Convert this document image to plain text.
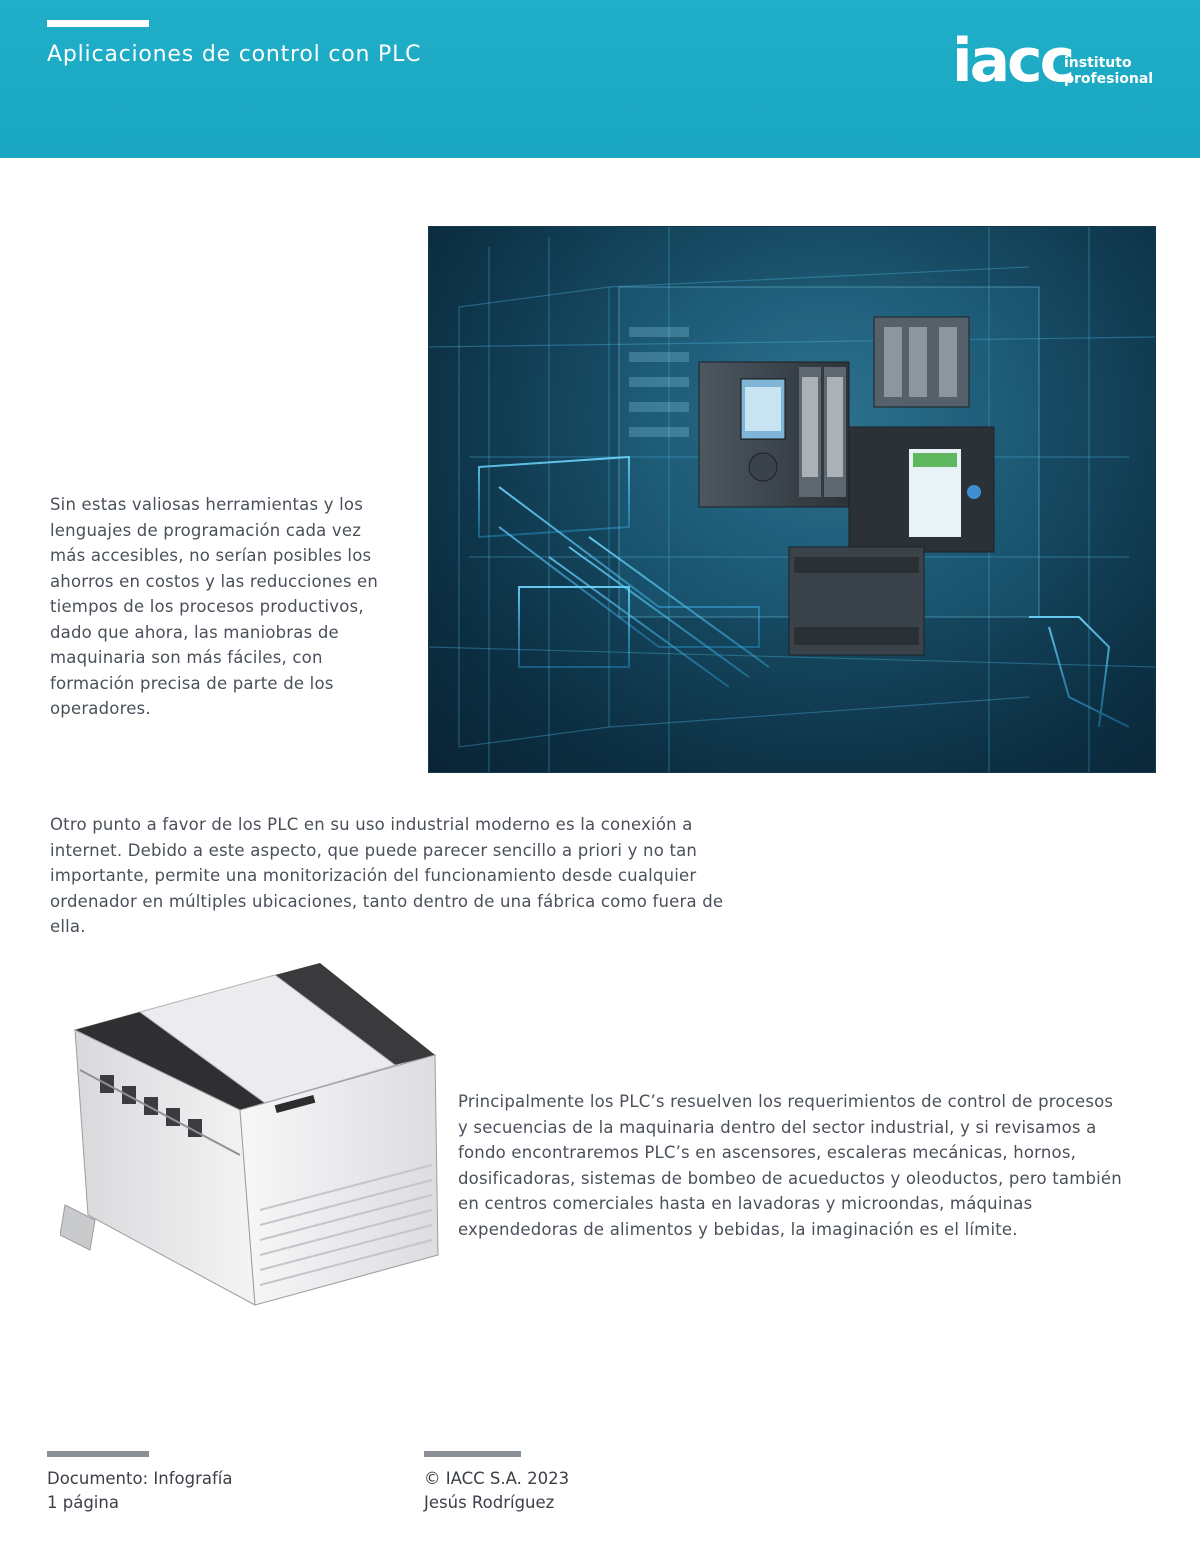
Aplicaciones de control con PLC	iacc
instituto
profesional
Sin estas valiosas herramientas y los lenguajes de programación cada vez más accesibles, no serían posibles los ahorros en costos y las reducciones en tiempos de los procesos productivos, dado que ahora, las maniobras de maquinaria son más fáciles, con formación precisa de parte de los operadores.
Otro punto a favor de los PLC en su uso industrial moderno es la conexión a internet. Debido a este aspecto, que puede parecer sencillo a priori y no tan importante, permite una monitorización del funcionamiento desde cualquier ordenador en múltiples ubicaciones, tanto dentro de una fábrica como fuera de ella.
Principalmente los PLC’s resuelven los requerimientos de control de procesos y secuencias de la maquinaria dentro del sector industrial, y si revisamos a fondo encontraremos PLC’s en ascensores, escaleras mecánicas, hornos, dosificadoras, sistemas de bombeo de acueductos y oleoductos, pero también en centros comerciales hasta en lavadoras y microondas, máquinas expendedoras de alimentos y bebidas, la imaginación es el límite.
Documento: Infografía
1 página
© IACC S.A. 2023
Jesús Rodríguez
